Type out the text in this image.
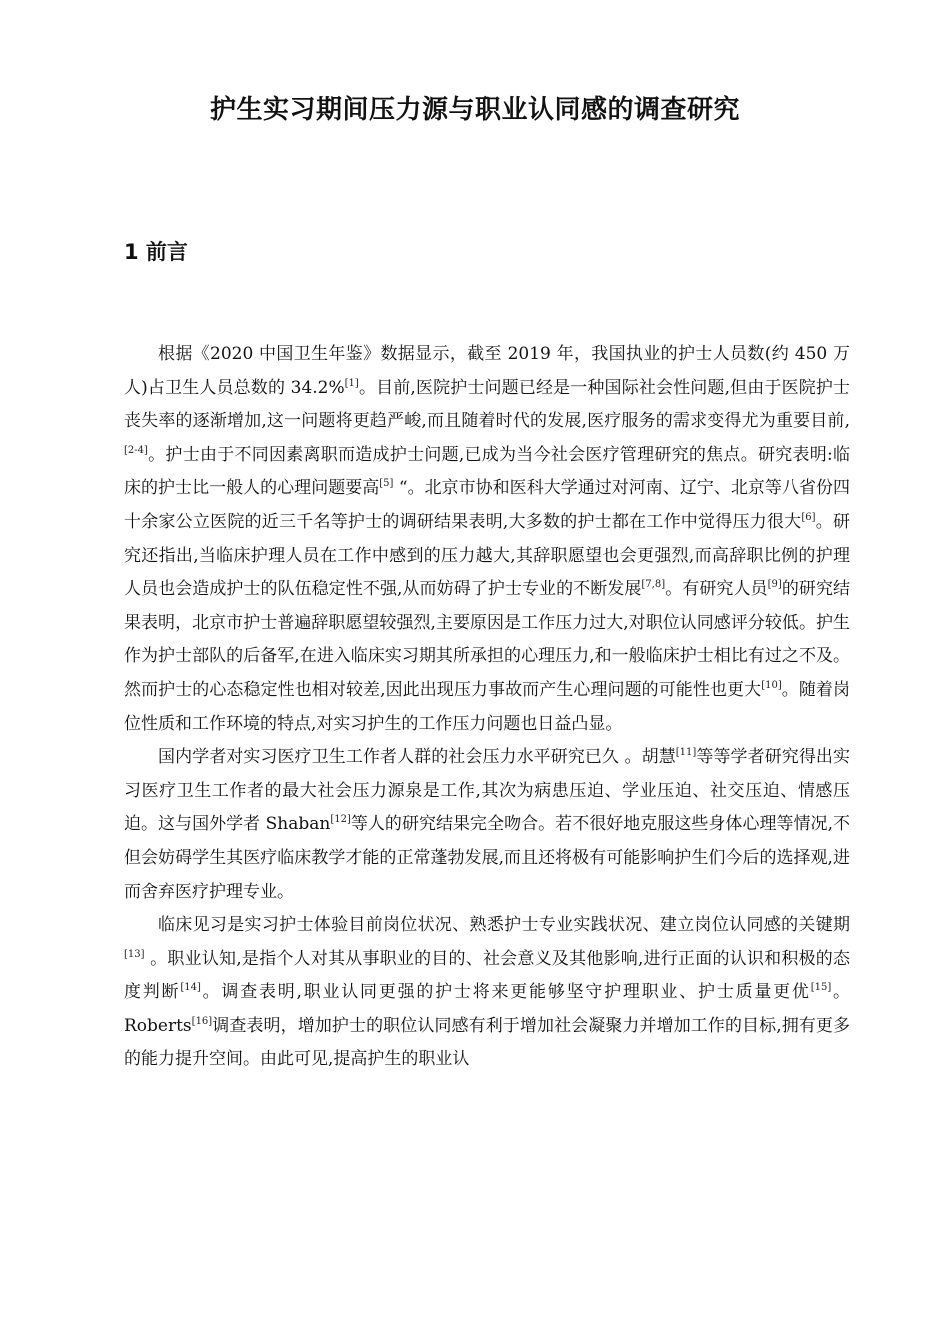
护生实习期间压力源与职业认同感的调查研究
1 前言

根据《2020 中国卫生年鉴》数据显示，截至 2019 年，我国执业的护士人员数(约 450 万人)占卫生人员总数的 34.2%[1]。目前,医院护士问题已经是一种国际社会性问题,但由于医院护士丧失率的逐渐增加,这一问题将更趋严峻,而且随着时代的发展,医疗服务的需求变得尤为重要目前,[2-4]。护士由于不同因素离职而造成护士问题,已成为当今社会医疗管理研究的焦点。研究表明:临床的护士比一般人的心理问题要高[5] “。北京市协和医科大学通过对河南、辽宁、北京等八省份四十余家公立医院的近三千名等护士的调研结果表明,大多数的护士都在工作中觉得压力很大[6]。研究还指出,当临床护理人员在工作中感到的压力越大,其辞职愿望也会更强烈,而高辞职比例的护理人员也会造成护士的队伍稳定性不强,从而妨碍了护士专业的不断发展[7,8]。有研究人员[9]的研究结果表明，北京市护士普遍辞职愿望较强烈,主要原因是工作压力过大,对职位认同感评分较低。护生作为护士部队的后备军,在进入临床实习期其所承担的心理压力,和一般临床护士相比有过之不及。然而护士的心态稳定性也相对较差,因此出现压力事故而产生心理问题的可能性也更大[10]。随着岗位性质和工作环境的特点,对实习护生的工作压力问题也日益凸显。

国内学者对实习医疗卫生工作者人群的社会压力水平研究已久 。胡慧[11]等等学者研究得出实习医疗卫生工作者的最大社会压力源泉是工作,其次为病患压迫、学业压迫、社交压迫、情感压迫。这与国外学者 Shaban[12]等人的研究结果完全吻合。若不很好地克服这些身体心理等情况,不但会妨碍学生其医疗临床教学才能的正常蓬勃发展,而且还将极有可能影响护生们今后的选择观,进而舍弃医疗护理专业。

临床见习是实习护士体验目前岗位状况、熟悉护士专业实践状况、建立岗位认同感的关键期[13] 。职业认知,是指个人对其从事职业的目的、社会意义及其他影响,进行正面的认识和积极的态度判断[14]。调查表明,职业认同更强的护士将来更能够坚守护理职业、护士质量更优[15]。Roberts[16]调查表明，增加护士的职位认同感有利于增加社会凝聚力并增加工作的目标,拥有更多的能力提升空间。由此可见,提高护生的职业认
